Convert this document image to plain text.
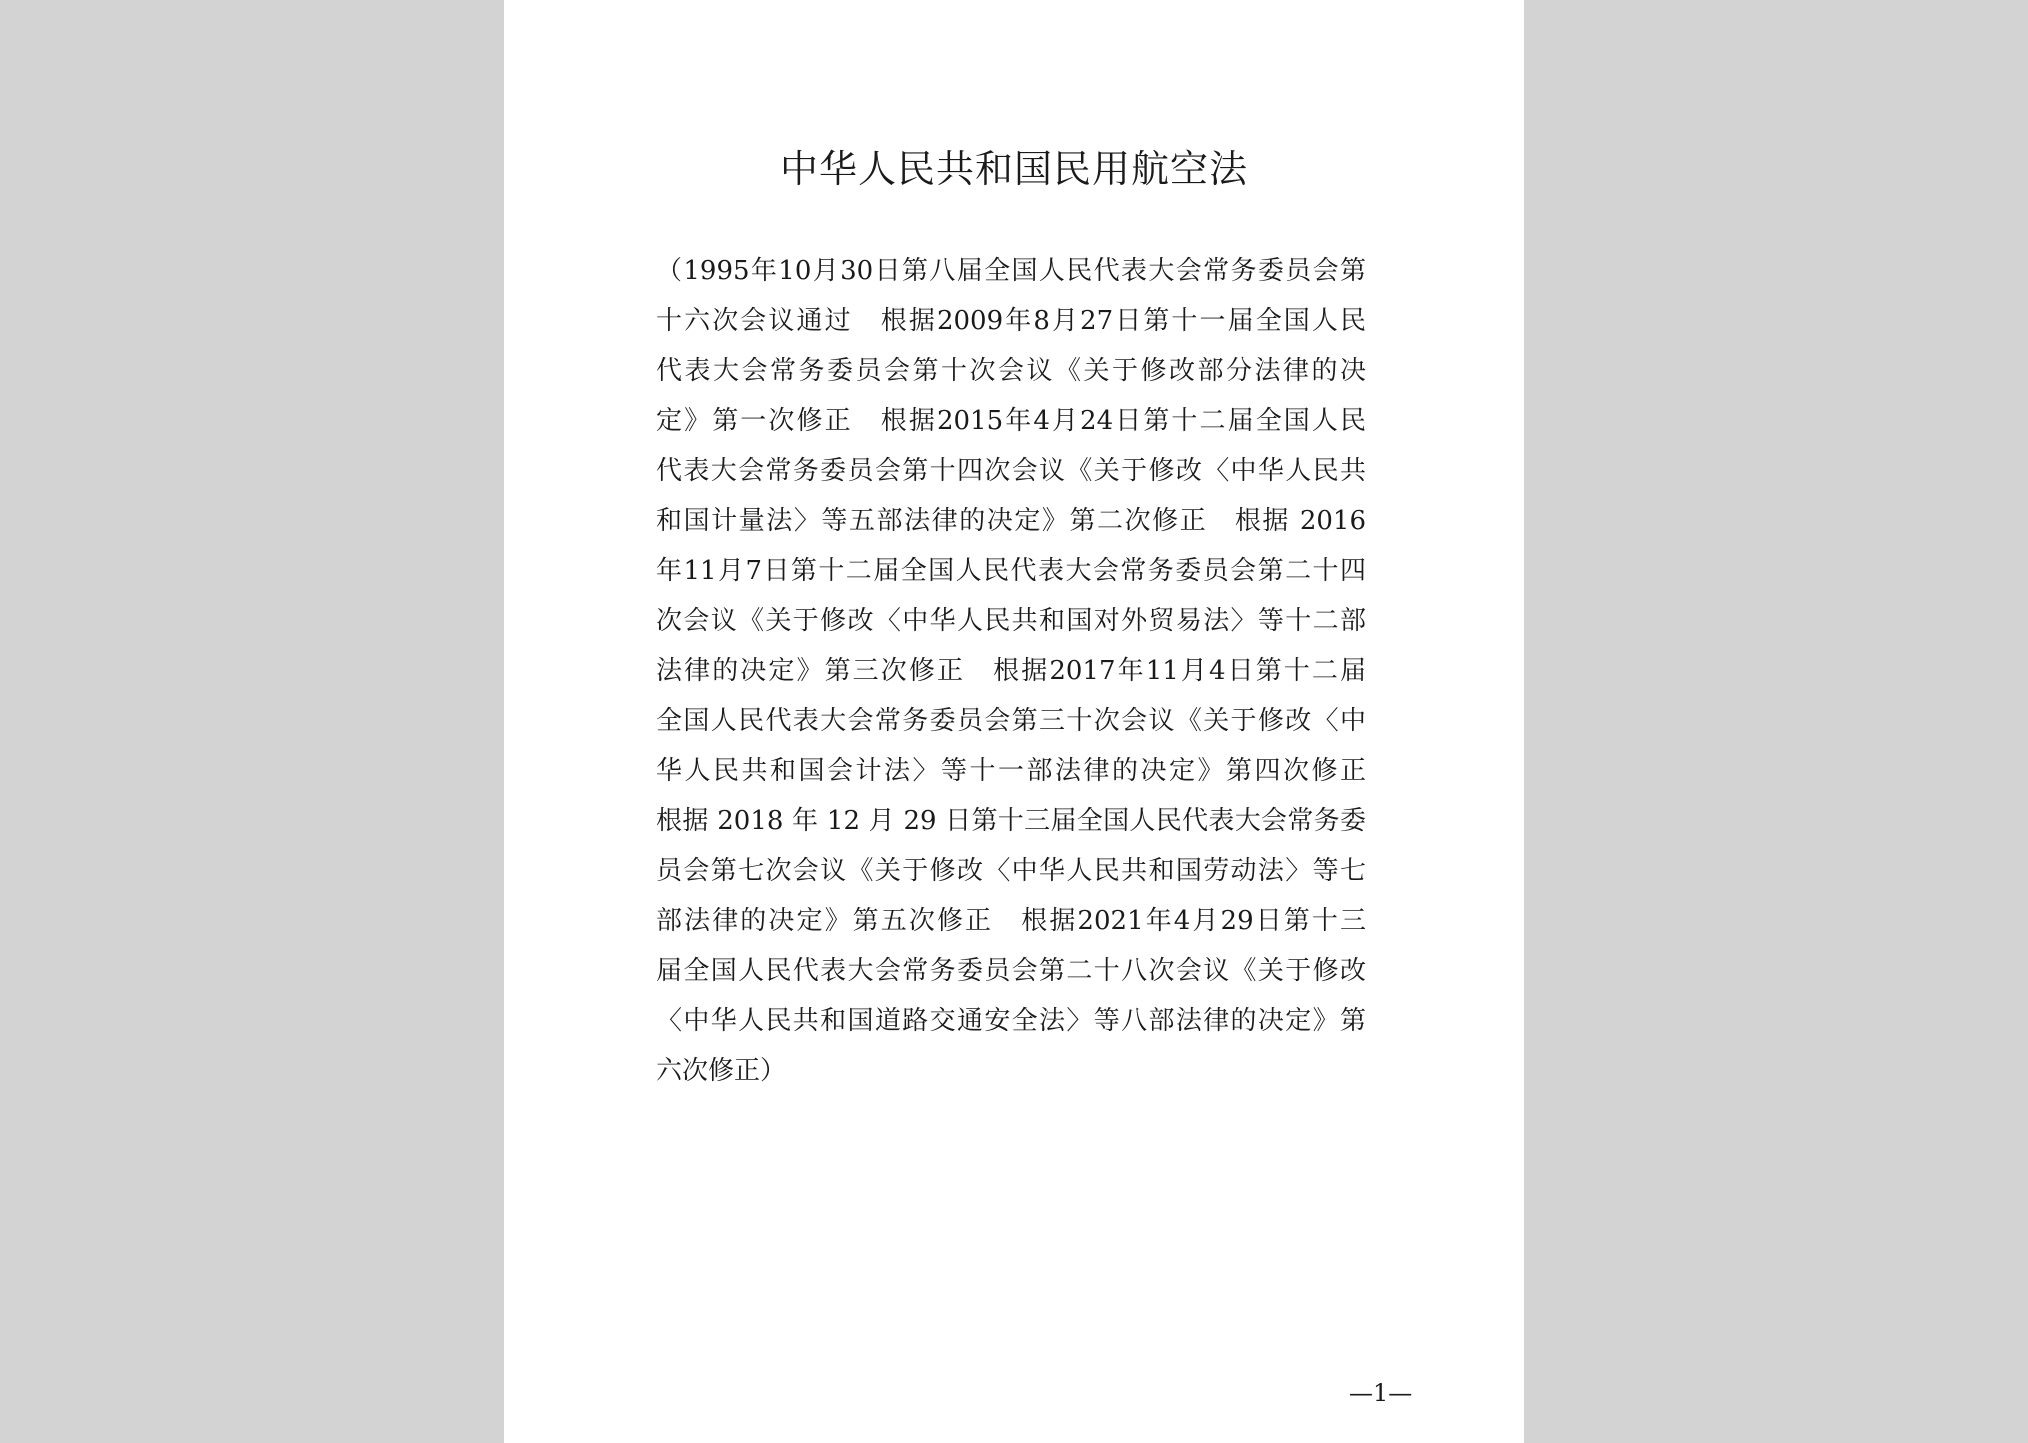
中华人民共和国民用航空法
（1995年10月30日第八届全国人民代表大会常务委员会第
十六次会议通过　根据2009年8月27日第十一届全国人民
代表大会常务委员会第十次会议《关于修改部分法律的决
定》第一次修正　根据2015年4月24日第十二届全国人民
代表大会常务委员会第十四次会议《关于修改〈中华人民共
和国计量法〉等五部法律的决定》第二次修正　根据 2016
年11月7日第十二届全国人民代表大会常务委员会第二十四
次会议《关于修改〈中华人民共和国对外贸易法〉等十二部
法律的决定》第三次修正　根据2017年11月4日第十二届
全国人民代表大会常务委员会第三十次会议《关于修改〈中
华人民共和国会计法〉等十一部法律的决定》第四次修正
根据 2018 年 12 月 29 日第十三届全国人民代表大会常务委
员会第七次会议《关于修改〈中华人民共和国劳动法〉等七
部法律的决定》第五次修正　根据2021年4月29日第十三
届全国人民代表大会常务委员会第二十八次会议《关于修改
〈中华人民共和国道路交通安全法〉等八部法律的决定》第
六次修正）
—1—
